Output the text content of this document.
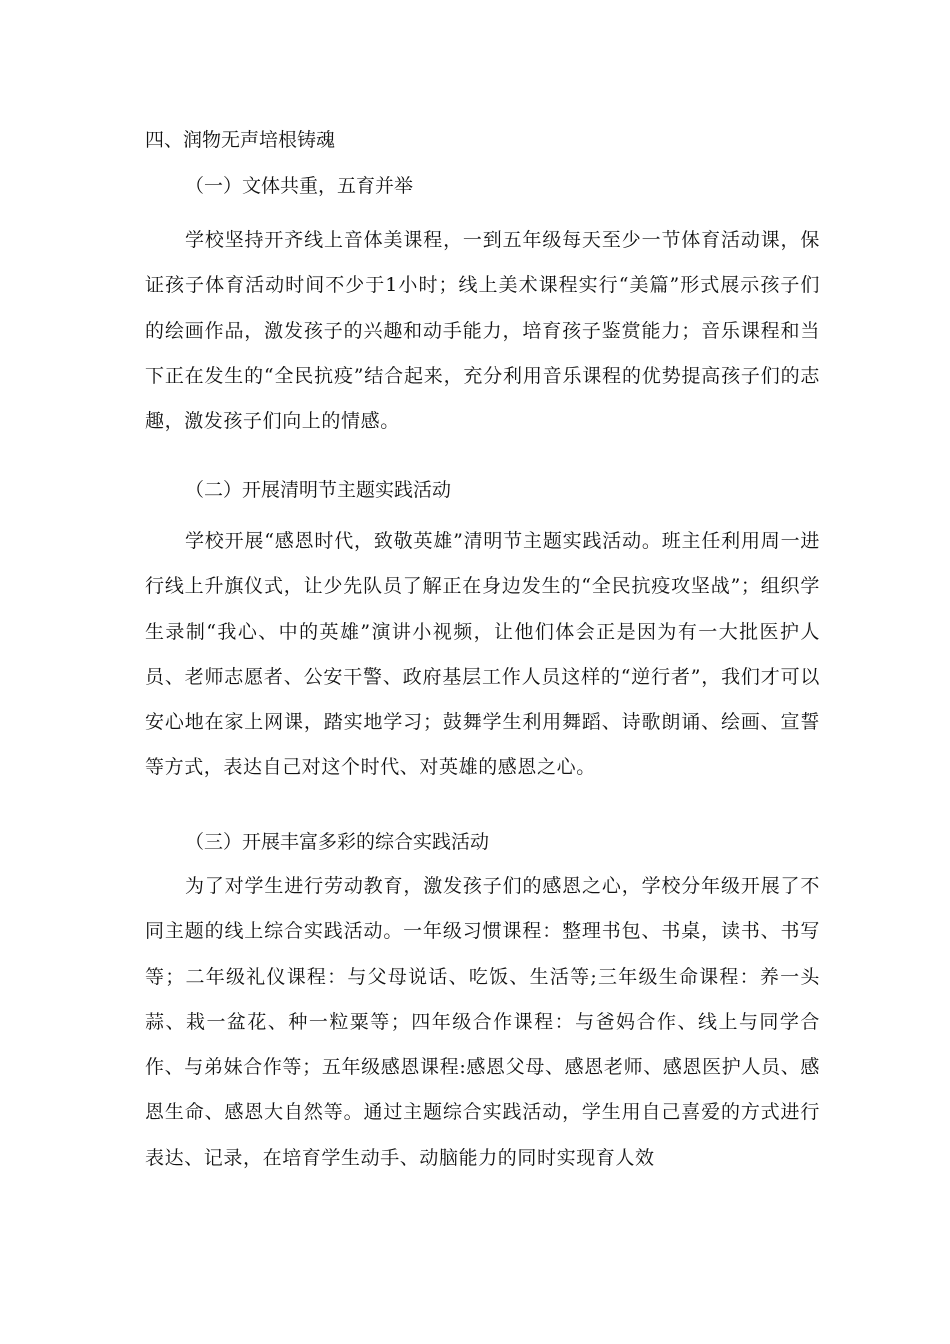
四、润物无声培根铸魂
（一）文体共重，五育并举
学校坚持开齐线上音体美课程，一到五年级每天至少一节体育活动课，保证孩子体育活动时间不少于1小时；线上美术课程实行“美篇”形式展示孩子们的绘画作品，激发孩子的兴趣和动手能力，培育孩子鉴赏能力；音乐课程和当下正在发生的“全民抗疫”结合起来，充分利用音乐课程的优势提高孩子们的志趣，激发孩子们向上的情感。
（二）开展清明节主题实践活动
学校开展“感恩时代，致敬英雄”清明节主题实践活动。班主任利用周一进行线上升旗仪式，让少先队员了解正在身边发生的“全民抗疫攻坚战”；组织学生录制“我心、中的英雄”演讲小视频，让他们体会正是因为有一大批医护人员、老师志愿者、公安干警、政府基层工作人员这样的“逆行者”，我们才可以安心地在家上网课，踏实地学习；鼓舞学生利用舞蹈、诗歌朗诵、绘画、宣誓等方式，表达自己对这个时代、对英雄的感恩之心。
（三）开展丰富多彩的综合实践活动
为了对学生进行劳动教育，激发孩子们的感恩之心，学校分年级开展了不同主题的线上综合实践活动。一年级习惯课程：整理书包、书桌，读书、书写等；二年级礼仪课程：与父母说话、吃饭、生活等;三年级生命课程：养一头蒜、栽一盆花、种一粒粟等；四年级合作课程：与爸妈合作、线上与同学合作、与弟妹合作等；五年级感恩课程:感恩父母、感恩老师、感恩医护人员、感恩生命、感恩大自然等。通过主题综合实践活动，学生用自己喜爱的方式进行表达、记录，在培育学生动手、动脑能力的同时实现育人效
